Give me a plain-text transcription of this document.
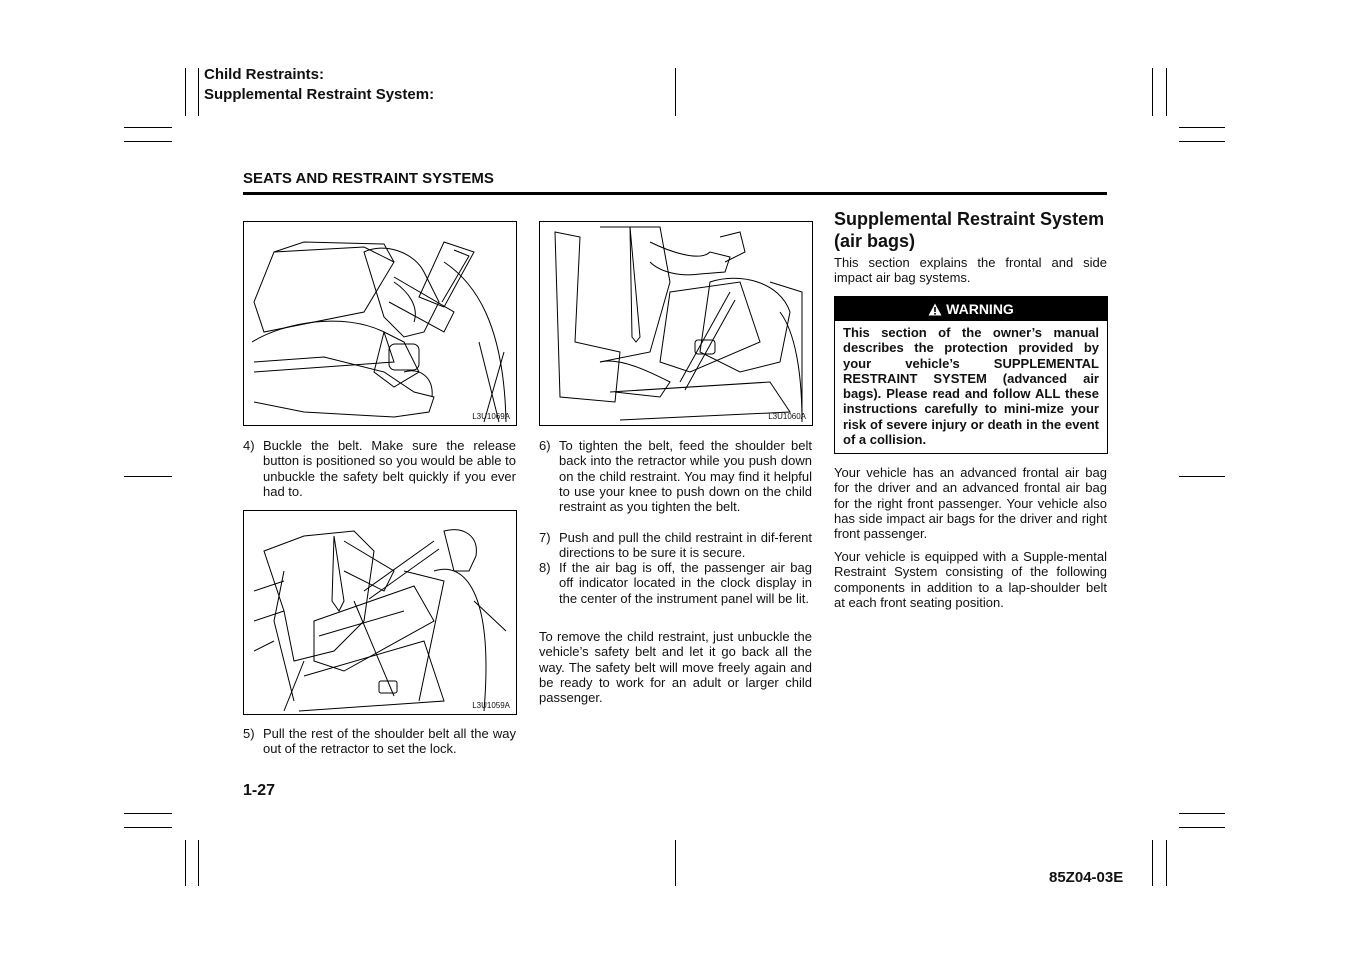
Child Restraints:
Supplemental Restraint System:
SEATS AND RESTRAINT SYSTEMS
L3U1069A
4) Buckle the belt. Make sure the release button is positioned so you would be able to unbuckle the safety belt quickly if you ever had to.
L3U1059A
5) Pull the rest of the shoulder belt all the way out of the retractor to set the lock.
L3U1060A
6) To tighten the belt, feed the shoulder belt back into the retractor while you push down on the child restraint. You may find it helpful to use your knee to push down on the child restraint as you tighten the belt.
7) Push and pull the child restraint in dif-ferent directions to be sure it is secure.
8) If the air bag is off, the passenger air bag off indicator located in the clock display in the center of the instrument panel will be lit.
To remove the child restraint, just unbuckle the vehicle’s safety belt and let it go back all the way. The safety belt will move freely again and be ready to work for an adult or larger child passenger.
Supplemental Restraint System (air bags)
This section explains the frontal and side impact air bag systems.
WARNING
This section of the owner’s manual describes the protection provided by your vehicle’s SUPPLEMENTAL RESTRAINT SYSTEM (advanced air bags). Please read and follow ALL these instructions carefully to mini-mize your risk of severe injury or death in the event of a collision.
Your vehicle has an advanced frontal air bag for the driver and an advanced frontal air bag for the right front passenger. Your vehicle also has side impact air bags for the driver and right front passenger.
Your vehicle is equipped with a Supple-mental Restraint System consisting of the following components in addition to a lap-shoulder belt at each front seating position.
1-27
85Z04-03E
